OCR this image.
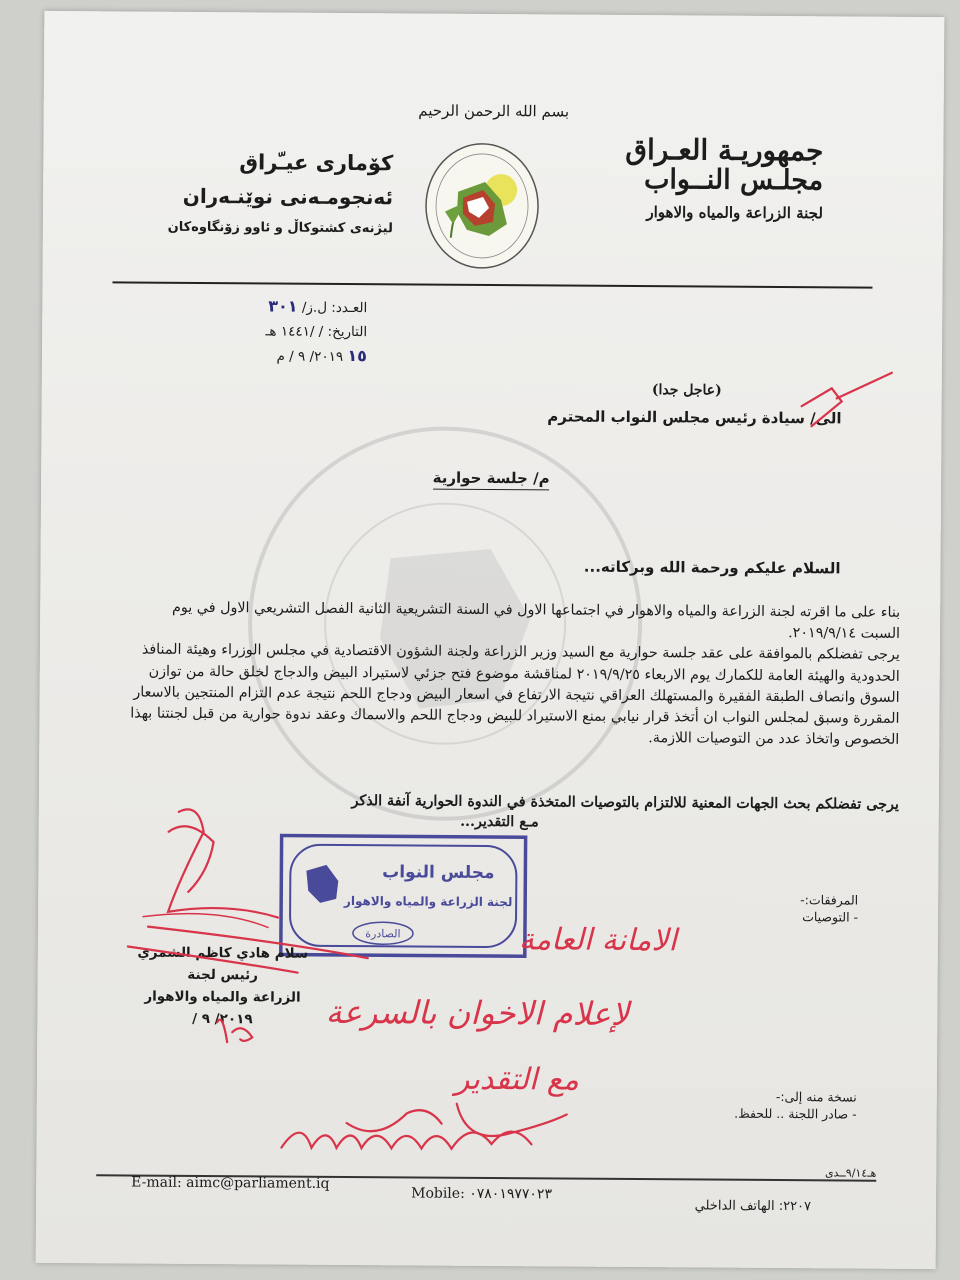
بسم الله الرحمن الرحيم
جمهوريـة العـراق
مجلـس النــواب
لجنة الزراعة والمياه والاهوار
كۆماری عیـّراق
ئەنجومـەنی نوێنـەران
لیژنەی کشتوکاڵ و ئاوو زۆنگاوەکان
العـدد: ل.ز/ ٣٠١
التاريخ: / /١٤٤١ هـ
١٥ ٢٠١٩/ ٩ / م
(عاجل جدا)
الى/ سيادة رئيس مجلس النواب المحترم
م/ جلسة حوارية
السلام عليكم ورحمة الله وبركاته...

بناء على ما اقرته لجنة الزراعة والمياه والاهوار في اجتماعها الاول في السنة التشريعية الثانية الفصل التشريعي الاول في يوم السبت ٢٠١٩/٩/١٤.

يرجى تفضلكم بالموافقة على عقد جلسة حوارية مع السيد وزير الزراعة ولجنة الشؤون الاقتصادية في مجلس الوزراء وهيئة المنافذ الحدودية والهيئة العامة للكمارك يوم الاربعاء ٢٠١٩/٩/٢٥ لمناقشة موضوع فتح جزئي لاستيراد البيض والدجاج لخلق حالة من توازن السوق وانصاف الطبقة الفقيرة والمستهلك العراقي نتيجة الارتفاع في اسعار البيض ودجاج اللحم نتيجة عدم التزام المنتجين بالاسعار المقررة وسبق لمجلس النواب ان أتخذ قرار نيابي بمنع الاستيراد للبيض ودجاج اللحم والاسماك وعقد ندوة حوارية من قبل لجنتنا بهذا الخصوص واتخاذ عدد من التوصيات اللازمة.

يرجى تفضلكم بحث الجهات المعنية للالتزام بالتوصيات المتخذة في الندوة الحوارية آنفة الذكر
مـع التقدير...
مجلس النواب
لجنة الزراعة والمياه والاهوار
الصادرة
المرفقات:-
- التوصيات
سلام هادي كاظم الشمري
رئيس لجنة
الزراعة والمياه والاهوار
٢٠١٩/ ٩ /
نسخة منه إلى:-
- صادر اللجنة .. للحفظ.
هـ٩/١٤ــدى
E-mail: aimc@parliament.iq
Mobile: ٠٧٨٠١٩٧٧٠٢٣
٢٢٠٧: الهاتف الداخلي
الامانة العامة
لإعلام الاخوان بالسرعة
مع التقدير
